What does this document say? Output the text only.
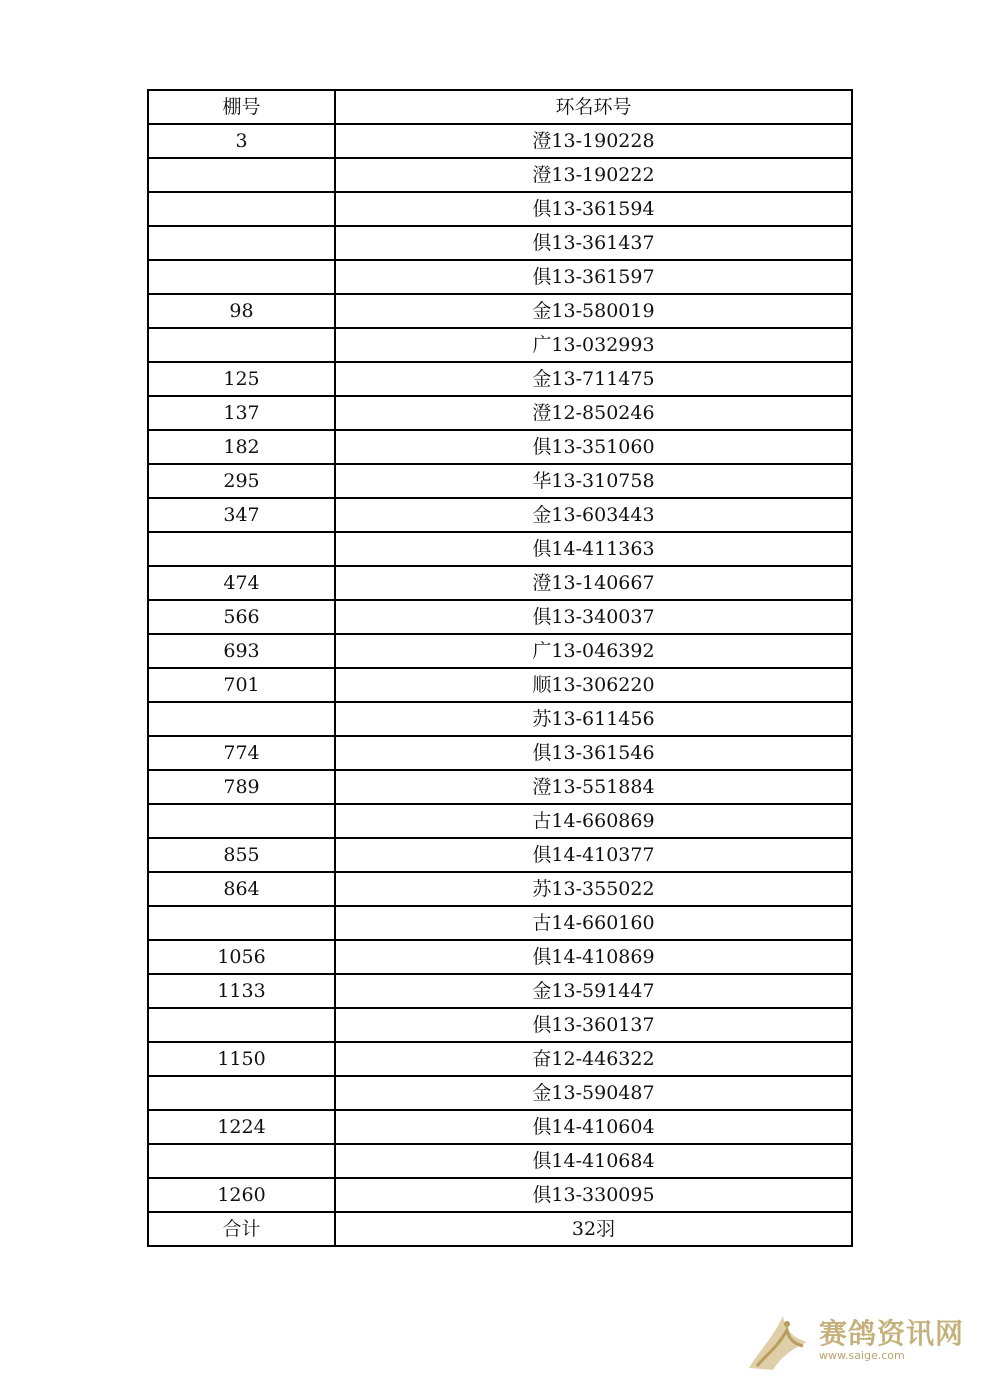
棚号	环名环号
3	澄13-190228
	澄13-190222
	俱13-361594
	俱13-361437
	俱13-361597
98	金13-580019
	广13-032993
125	金13-711475
137	澄12-850246
182	俱13-351060
295	华13-310758
347	金13-603443
	俱14-411363
474	澄13-140667
566	俱13-340037
693	广13-046392
701	顺13-306220
	苏13-611456
774	俱13-361546
789	澄13-551884
	古14-660869
855	俱14-410377
864	苏13-355022
	古14-660160
1056	俱14-410869
1133	金13-591447
	俱13-360137
1150	奋12-446322
	金13-590487
1224	俱14-410604
	俱14-410684
1260	俱13-330095
合计	32羽
赛鸽资讯网
www.saige.com
